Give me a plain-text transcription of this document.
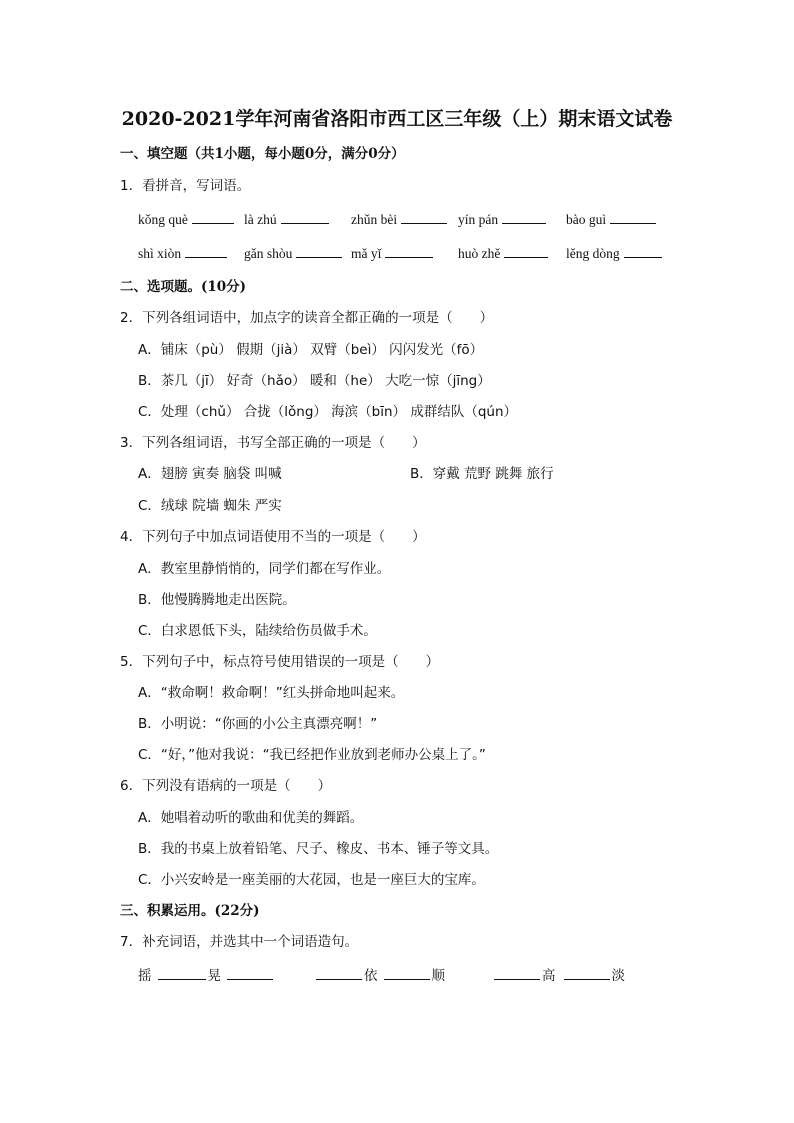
2020-2021学年河南省洛阳市西工区三年级（上）期末语文试卷
一、填空题（共1小题，每小题0分，满分0分）
1．看拼音，写词语。
kǒng què	là zhú	zhǔn bèi	yín pán	bào guì
shì xiòn	gǎn shòu	mǎ yǐ	huò zhě	lěng dòng
二、选项题。(10分)
2．下列各组词语中，加点字的读音全都正确的一项是（　　）
A．铺床（pù） 假期（jià） 双臂（beì） 闪闪发光（fō）
B．茶几（jī） 好奇（hǎo） 暖和（he） 大吃一惊（jīng）
C．处理（chǔ） 合拢（lǒng） 海滨（bīn） 成群结队（qún）
3．下列各组词语，书写全部正确的一项是（　　）
A．翅膀 寅奏 脑袋 叫喊	B．穿戴 荒野 跳舞 旅行
C．绒球 院墙 蜘朱 严实
4．下列句子中加点词语使用不当的一项是（　　）
A．教室里静悄悄的，同学们都在写作业。
B．他慢腾腾地走出医院。
C．白求恩低下头，陆续给伤员做手术。
5．下列句子中，标点符号使用错误的一项是（　　）
A．“救命啊！救命啊！”红头拼命地叫起来。
B．小明说：“你画的小公主真漂亮啊！”
C．“好，”他对我说：“我已经把作业放到老师办公桌上了。”
6．下列没有语病的一项是（　　）
A．她唱着动听的歌曲和优美的舞蹈。
B．我的书桌上放着铅笔、尺子、橡皮、书本、锤子等文具。
C．小兴安岭是一座美丽的大花园，也是一座巨大的宝库。
三、积累运用。(22分)
7．补充词语，并选其中一个词语造句。
摇	晃	依	顺	高	淡
